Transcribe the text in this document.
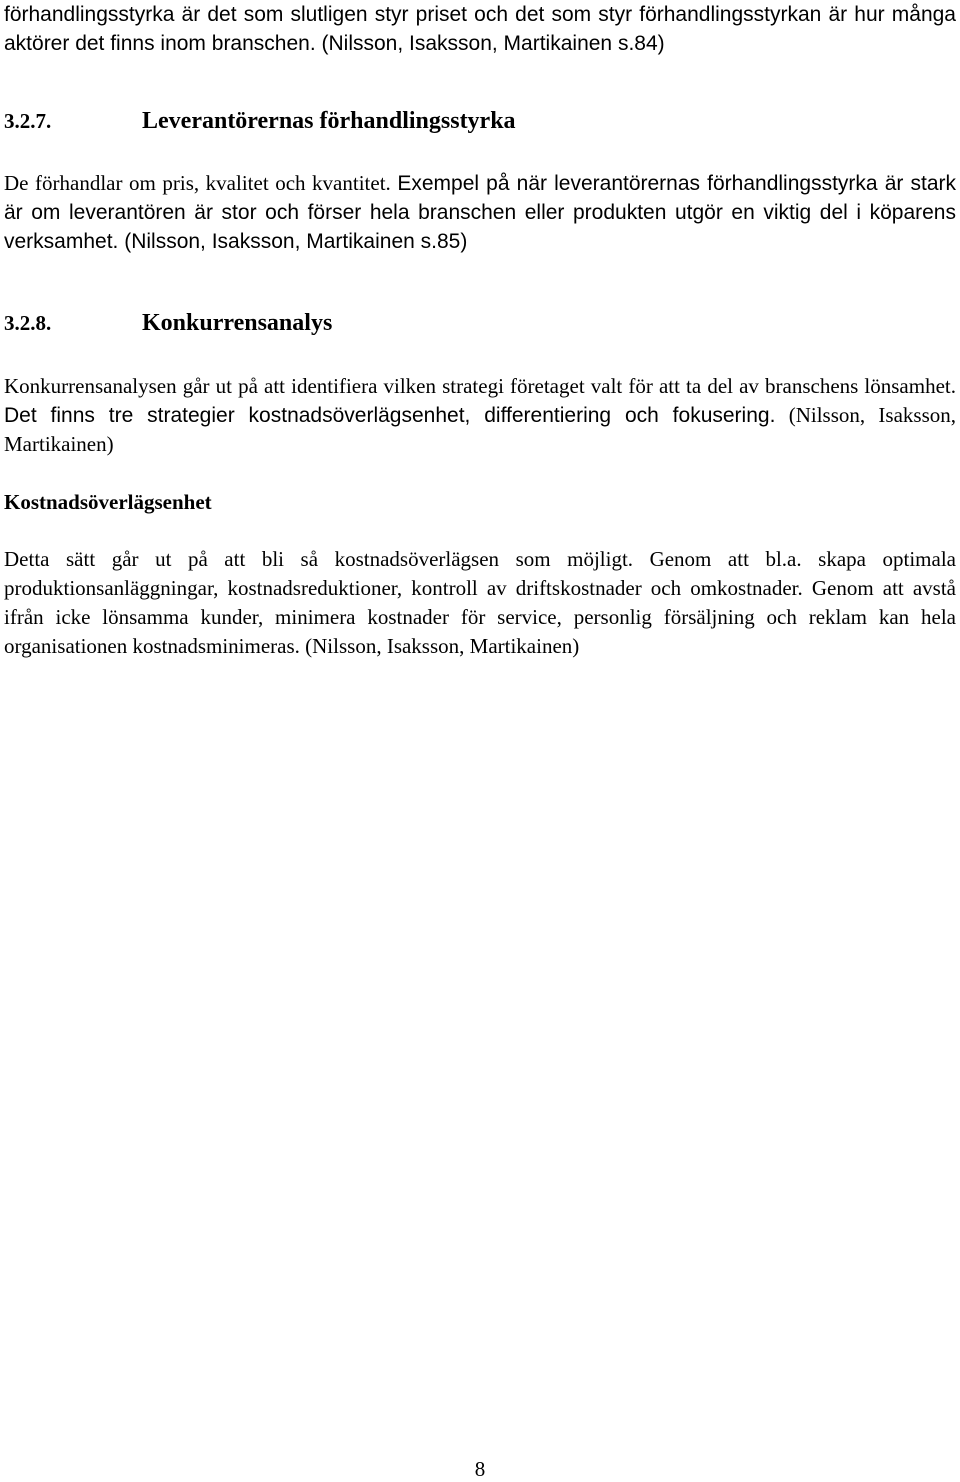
förhandlingsstyrka är det som slutligen styr priset och det som styr förhandlingsstyrkan är hur många aktörer det finns inom branschen. (Nilsson, Isaksson, Martikainen s.84)

3.2.7.	Leverantörernas förhandlingsstyrka

De förhandlar om pris, kvalitet och kvantitet. Exempel på när leverantörernas förhandlingsstyrka är stark är om leverantören är stor och förser hela branschen eller produkten utgör en viktig del i köparens verksamhet. (Nilsson, Isaksson, Martikainen s.85)

3.2.8.	Konkurrensanalys

Konkurrensanalysen går ut på att identifiera vilken strategi företaget valt för att ta del av branschens lönsamhet. Det finns tre strategier kostnadsöverlägsenhet, differentiering och fokusering. (Nilsson, Isaksson, Martikainen)

Kostnadsöverlägsenhet

Detta sätt går ut på att bli så kostnadsöverlägsen som möjligt. Genom att bl.a. skapa optimala produktionsanläggningar, kostnadsreduktioner, kontroll av driftskostnader och omkostnader. Genom att avstå ifrån icke lönsamma kunder, minimera kostnader för service, personlig försäljning och reklam kan hela organisationen kostnadsminimeras. (Nilsson, Isaksson, Martikainen)

8
